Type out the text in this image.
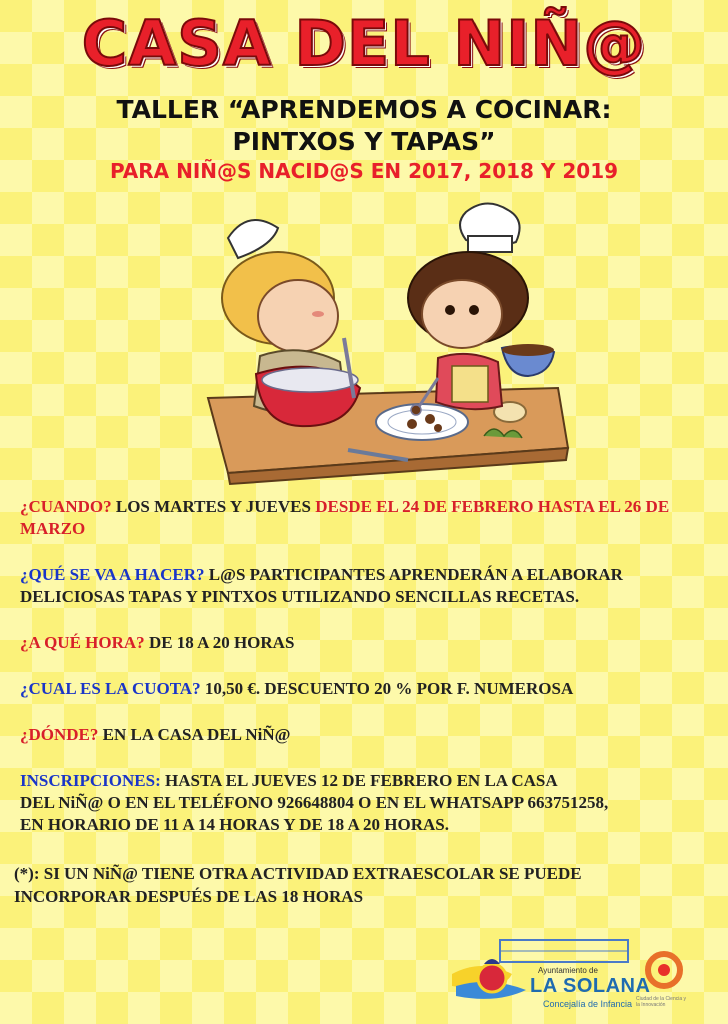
CASA DEL NIÑ@
TALLER “APRENDEMOS A COCINAR:
PINTXOS Y TAPAS”
PARA NIÑ@S NACID@S EN 2017, 2018 Y 2019

¿CUANDO? LOS MARTES Y JUEVES DESDE EL 24 DE FEBRERO HASTA EL 26 DE MARZO

¿QUÉ SE VA A HACER? L@S PARTICIPANTES APRENDERÁN A ELABORAR DELICIOSAS TAPAS Y PINTXOS UTILIZANDO SENCILLAS RECETAS.

¿A QUÉ HORA? DE 18 A 20 HORAS

¿CUAL ES LA CUOTA? 10,50 €. DESCUENTO 20 % POR F. NUMEROSA

¿DÓNDE? EN LA CASA DEL NiÑ@

INSCRIPCIONES: HASTA EL JUEVES 12 DE FEBRERO EN LA CASA
DEL NiÑ@ O EN EL TELÉFONO 926648804 O EN EL WHATSAPP 663751258,
EN HORARIO DE 11 A 14 HORAS Y DE 18 A 20 HORAS.

(*): SI UN NiÑ@ TIENE OTRA ACTIVIDAD EXTRAESCOLAR SE PUEDE
INCORPORAR DESPUÉS DE LAS 18 HORAS
Ayuntamiento de
LA SOLANA
Concejalía de Infancia Ciudad de la Ciencia y la Innovación
